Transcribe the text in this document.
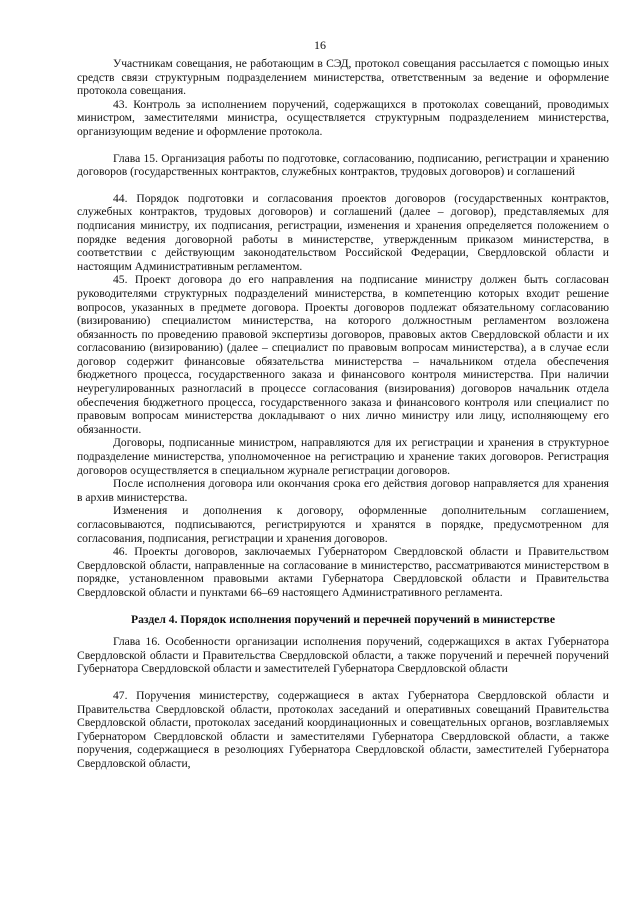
16

Участникам совещания, не работающим в СЭД, протокол совещания рассылается с помощью иных средств связи структурным подразделением министерства, ответственным за ведение и оформление протокола совещания.

43. Контроль за исполнением поручений, содержащихся в протоколах совещаний, проводимых министром, заместителями министра, осуществляется структурным подразделением министерства, организующим ведение и оформление протокола.

Глава 15. Организация работы по подготовке, согласованию, подписанию, регистрации и хранению договоров (государственных контрактов, служебных контрактов, трудовых договоров) и соглашений

44. Порядок подготовки и согласования проектов договоров (государственных контрактов, служебных контрактов, трудовых договоров) и соглашений (далее – договор), представляемых для подписания министру, их подписания, регистрации, изменения и хранения определяется положением о порядке ведения договорной работы в министерстве, утвержденным приказом министерства, в соответствии с действующим законодательством Российской Федерации, Свердловской области и настоящим Административным регламентом.

45. Проект договора до его направления на подписание министру должен быть согласован руководителями структурных подразделений министерства, в компетенцию которых входит решение вопросов, указанных в предмете договора. Проекты договоров подлежат обязательному согласованию (визированию) специалистом министерства, на которого должностным регламентом возложена обязанность по проведению правовой экспертизы договоров, правовых актов Свердловской области и их согласованию (визированию) (далее – специалист по правовым вопросам министерства), а в случае если договор содержит финансовые обязательства министерства – начальником отдела обеспечения бюджетного процесса, государственного заказа и финансового контроля министерства. При наличии неурегулированных разногласий в процессе согласования (визирования) договоров начальник отдела обеспечения бюджетного процесса, государственного заказа и финансового контроля или специалист по правовым вопросам министерства докладывают о них лично министру или лицу, исполняющему его обязанности.

Договоры, подписанные министром, направляются для их регистрации и хранения в структурное подразделение министерства, уполномоченное на регистрацию и хранение таких договоров. Регистрация договоров осуществляется в специальном журнале регистрации договоров.

После исполнения договора или окончания срока его действия договор направляется для хранения в архив министерства.

Изменения и дополнения к договору, оформленные дополнительным соглашением, согласовываются, подписываются, регистрируются и хранятся в порядке, предусмотренном для согласования, подписания, регистрации и хранения договоров.

46. Проекты договоров, заключаемых Губернатором Свердловской области и Правительством Свердловской области, направленные на согласование в министерство, рассматриваются министерством в порядке, установленном правовыми актами Губернатора Свердловской области и Правительства Свердловской области и пунктами 66–69 настоящего Административного регламента.

Раздел 4. Порядок исполнения поручений и перечней поручений в министерстве

Глава 16. Особенности организации исполнения поручений, содержащихся в актах Губернатора Свердловской области и Правительства Свердловской области, а также поручений и перечней поручений Губернатора Свердловской области и заместителей Губернатора Свердловской области

47. Поручения министерству, содержащиеся в актах Губернатора Свердловской области и Правительства Свердловской области, протоколах заседаний и оперативных совещаний Правительства Свердловской области, протоколах заседаний координационных и совещательных органов, возглавляемых Губернатором Свердловской области и заместителями Губернатора Свердловской области, а также поручения, содержащиеся в резолюциях Губернатора Свердловской области, заместителей Губернатора Свердловской области,
